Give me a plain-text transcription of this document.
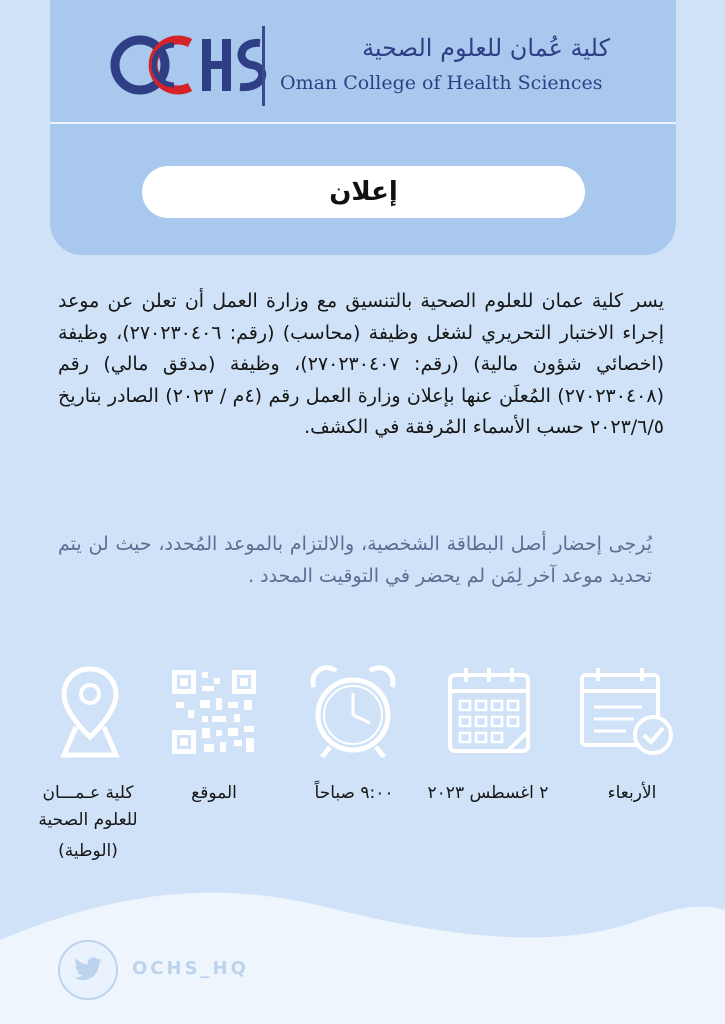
كلية عُمان للعلوم الصحية
Oman College of Health Sciences
إعلان

يسر كلية عمان للعلوم الصحية بالتنسيق مع وزارة العمل أن تعلن عن موعد إجراء الاختبار التحريري لشغل وظيفة (محاسب) (رقم: ٢٧٠٢٣٠٤٠٦)، وظيفة (اخصائي شؤون مالية) (رقم: ٢٧٠٢٣٠٤٠٧)، وظيفة (مدقق مالي) رقم (٢٧٠٢٣٠٤٠٨) المُعلَن عنها بإعلان وزارة العمل رقم (٤م / ٢٠٢٣) الصادر بتاريخ ٢٠٢٣/٦/٥ حسب الأسماء المُرفقة في الكشف.

يُرجى إحضار أصل البطاقة الشخصية، والالتزام بالموعد المُحدد، حيث لن يتم تحديد موعد آخر لِمَن لم يحضر في التوقيت المحدد .

الأربعاء
٢ اغسطس ٢٠٢٣
٩:٠٠ صباحاً
الموقع
كلية عـمـــان
للعلوم الصحية
(الوطية)
OCHS_HQ
